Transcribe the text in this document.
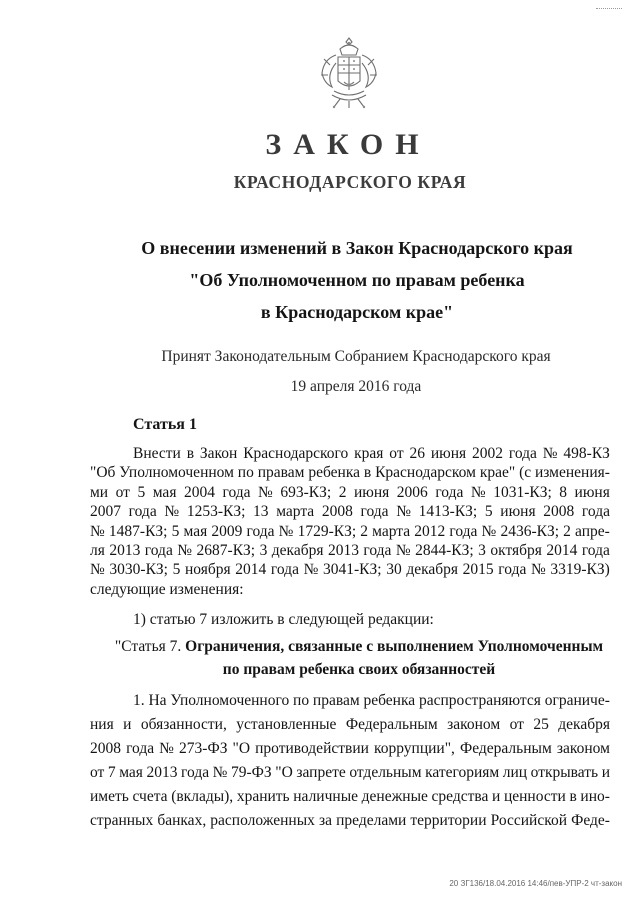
ЗАКОН
КРАСНОДАРСКОГО КРАЯ
О внесении изменений в Закон Краснодарского края
"Об Уполномоченном по правам ребенка
в Краснодарском крае"
Принят Законодательным Собранием Краснодарского края
19 апреля 2016 года
Статья 1
Внести в Закон Краснодарского края от 26 июня 2002 года № 498-КЗ
"Об Уполномоченном по правам ребенка в Краснодарском крае" (с изменения-
ми от 5 мая 2004 года № 693-КЗ; 2 июня 2006 года № 1031-КЗ; 8 июня
2007 года № 1253-КЗ; 13 марта 2008 года № 1413-КЗ; 5 июня 2008 года
№ 1487-КЗ; 5 мая 2009 года № 1729-КЗ; 2 марта 2012 года № 2436-КЗ; 2 апре-
ля 2013 года № 2687-КЗ; 3 декабря 2013 года № 2844-КЗ; 3 октября 2014 года
№ 3030-КЗ; 5 ноября 2014 года № 3041-КЗ; 30 декабря 2015 года № 3319-КЗ)
следующие изменения:
1) статью 7 изложить в следующей редакции:
"Статья 7. Ограничения, связанные с выполнением Уполномоченным
по правам ребенка своих обязанностей
1. На Уполномоченного по правам ребенка распространяются ограниче-
ния и обязанности, установленные Федеральным законом от 25 декабря
2008 года № 273-ФЗ "О противодействии коррупции", Федеральным законом
от 7 мая 2013 года № 79-ФЗ "О запрете отдельным категориям лиц открывать и
иметь счета (вклады), хранить наличные денежные средства и ценности в ино-
странных банках, расположенных за пределами территории Российской Феде-
20 ЗГ136/18.04.2016 14:46/пев-УПР-2 чт-закон
